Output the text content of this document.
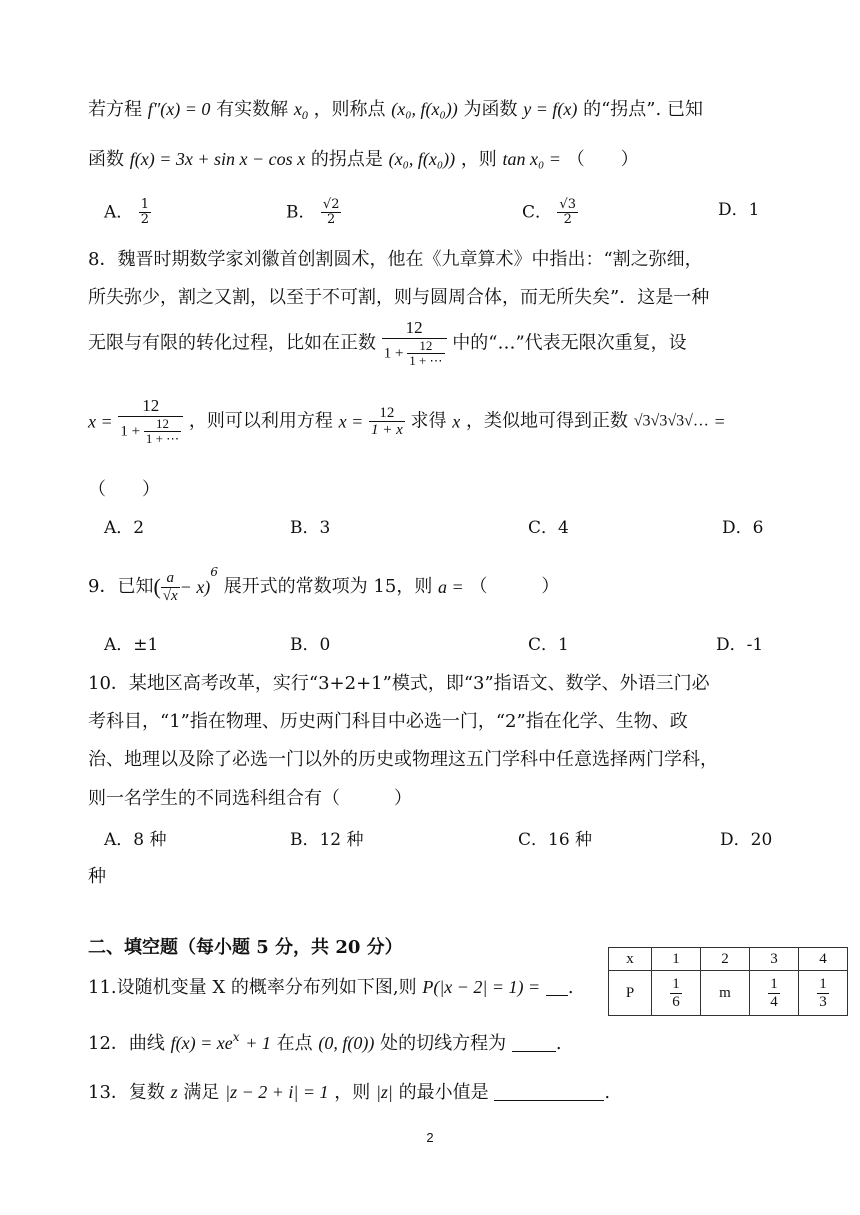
若方程 f″(x) = 0 有实数解 $x_0$ ，则称点 (x₀, f(x₀)) 为函数 y = f(x) 的“拐点”. 已知
函数 f(x) = 3x + sin x − cos x 的拐点是 (x₀, f(x₀)) ，则 tan x₀ = （　　）
A． $\frac{1}{2}$	B． $\frac{√2}{2}$	C． $\frac{√3}{2}$	D．1
8．魏晋时期数学家刘徽首创割圆术，他在《九章算术》中指出：“割之弥细，
所失弥少，割之又割，以至于不可割，则与圆周合体，而无所失矣”．这是一种
无限与有限的转化过程，比如在正数 $\frac{12}{1 + \frac{12}{1 + \cdots}}$ 中的“…”代表无限次重复，设
$x = \frac{12}{1 + \frac{12}{1 + \cdots}}$ ，则可以利用方程 $x = \frac{12}{1 + x}$ 求得 x ，类似地可得到正数 √3√3√3√… =
（　　）
A．2	B．3	C．4	D．6
9．已知( $\frac{a}{√x} - x)^6$ 展开式的常数项为 15，则 a = （　　　）
A．±1	B．0	C．1	D．-1
10．某地区高考改革，实行“3+2+1”模式，即“3”指语文、数学、外语三门必
考科目，“1”指在物理、历史两门科目中必选一门，“2”指在化学、生物、政
治、地理以及除了必选一门以外的历史或物理这五门学科中任意选择两门学科，
则一名学生的不同选科组合有（　　　）
A．8 种	B．12 种	C．16 种	D．20
种
二、填空题（每小题 5 分，共 20 分）
11.设随机变量 X 的概率分布列如下图,则 P(|x − 2| = 1) = .
12．曲线 $f(x) = xe^x + 1$ 在点 (0, f(0)) 处的切线方程为	.
13．复数 z 满足 |z − 2 + i| = 1 ，则 |z| 的最小值是	.
x	1	2	3	4
P	$\frac{1}{6}$	m	$\frac{1}{4}$	$\frac{1}{3}$
2
